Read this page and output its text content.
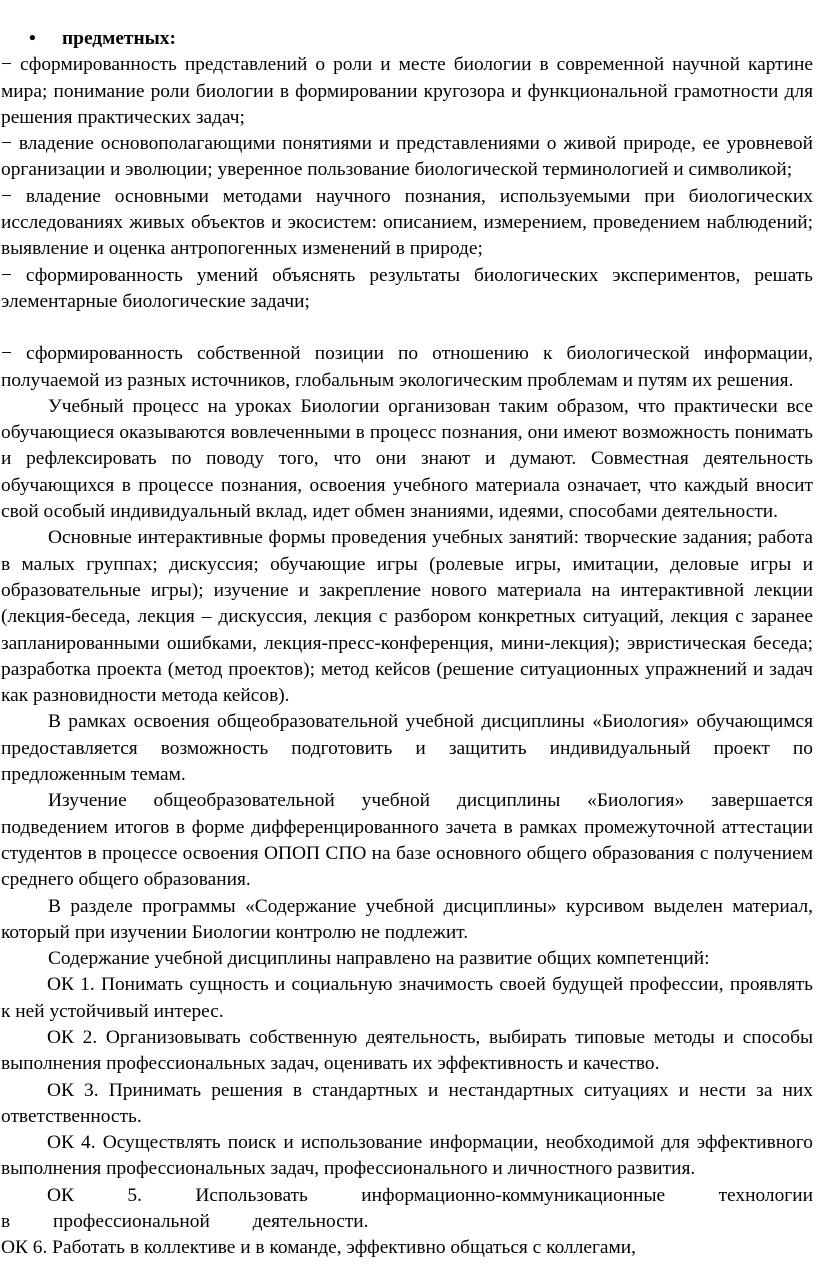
• предметных:

− сформированность представлений о роли и месте биологии в современной научной картине мира; понимание роли биологии в формировании кругозора и функциональной грамотности для решения практических задач;

− владение основополагающими понятиями и представлениями о живой природе, ее уровневой организации и эволюции; уверенное пользование биологической терминологией и символикой;

− владение основными методами научного познания, используемыми при биологических исследованиях живых объектов и экосистем: описанием, измерением, проведением наблюдений; выявление и оценка антропогенных изменений в природе;

− сформированность умений объяснять результаты биологических экспериментов, решать элементарные биологические задачи;

− сформированность собственной позиции по отношению к биологической информации, получаемой из разных источников, глобальным экологическим проблемам и путям их решения.

Учебный процесс на уроках Биологии организован таким образом, что практически все обучающиеся оказываются вовлеченными в процесс познания, они имеют возможность понимать и рефлексировать по поводу того, что они знают и думают. Совместная деятельность обучающихся в процессе познания, освоения учебного материала означает, что каждый вносит свой особый индивидуальный вклад, идет обмен знаниями, идеями, способами деятельности.

Основные интерактивные формы проведения учебных занятий: творческие задания; работа в малых группах; дискуссия; обучающие игры (ролевые игры, имитации, деловые игры и образовательные игры); изучение и закрепление нового материала на интерактивной лекции (лекция-беседа, лекция – дискуссия, лекция с разбором конкретных ситуаций, лекция с заранее запланированными ошибками, лекция-пресс-конференция, мини-лекция); эвристическая беседа; разработка проекта (метод проектов); метод кейсов (решение ситуационных упражнений и задач как разновидности метода кейсов).

В рамках освоения общеобразовательной учебной дисциплины «Биология» обучающимся предоставляется возможность подготовить и защитить индивидуальный проект по предложенным темам.

Изучение общеобразовательной учебной дисциплины «Биология» завершается подведением итогов в форме дифференцированного зачета в рамках промежуточной аттестации студентов в процессе освоения ОПОП СПО на базе основного общего образования с получением среднего общего образования.

В разделе программы «Содержание учебной дисциплины» курсивом выделен материал, который при изучении Биологии контролю не подлежит.

Содержание учебной дисциплины направлено на развитие общих компетенций:

ОК 1. Понимать сущность и социальную значимость своей будущей профессии, проявлять к ней устойчивый интерес.

ОК 2. Организовывать собственную деятельность, выбирать типовые методы и способы выполнения профессиональных задач, оценивать их эффективность и качество.

ОК 3. Принимать решения в стандартных и нестандартных ситуациях и нести за них ответственность.

ОК 4. Осуществлять поиск и использование информации, необходимой для эффективного выполнения профессиональных задач, профессионального и личностного развития.

ОК 5. Использовать информационно-коммуникационные технологии в профессиональной деятельности.

ОК 6. Работать в коллективе и в команде, эффективно общаться с коллегами,
